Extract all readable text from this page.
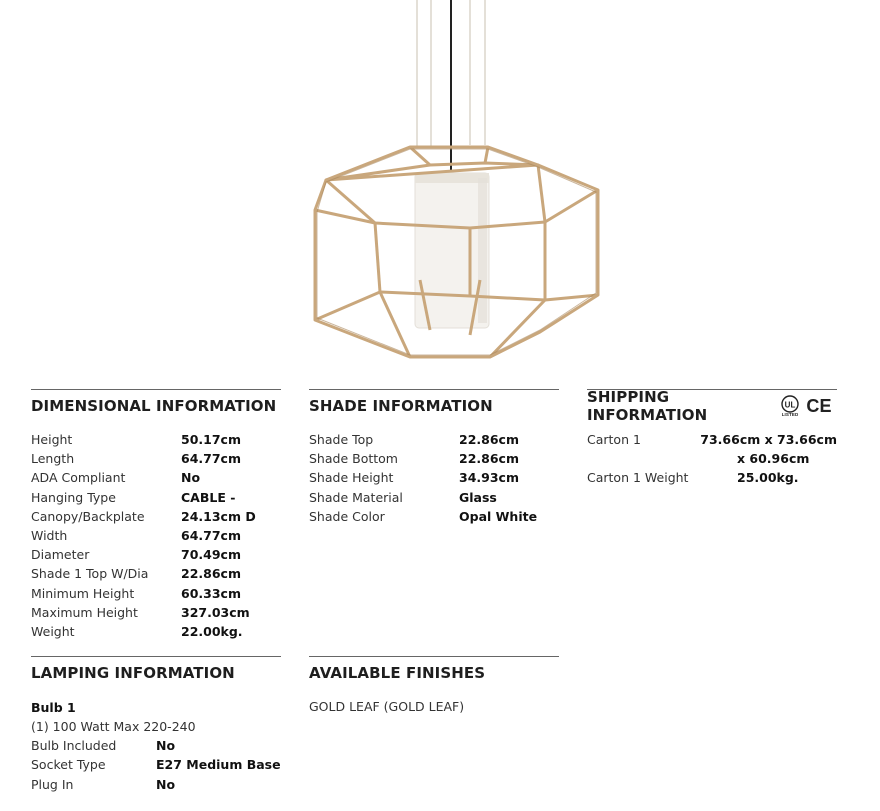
DIMENSIONAL INFORMATION
Height	50.17cm
Length	64.77cm
ADA Compliant	No
Hanging Type	CABLE -
Canopy/Backplate	24.13cm D
Width	64.77cm
Diameter	70.49cm
Shade 1 Top W/Dia	22.86cm
Minimum Height	60.33cm
Maximum Height	327.03cm
Weight	22.00kg.
SHADE INFORMATION
Shade Top	22.86cm
Shade Bottom	22.86cm
Shade Height	34.93cm
Shade Material	Glass
Shade Color	Opal White
SHIPPING INFORMATION
UL
LISTED CE
Carton 1	73.66cm x 73.66cm
x 60.96cm
Carton 1 Weight	25.00kg.
LAMPING INFORMATION
Bulb 1
(1) 100 Watt Max 220-240
Bulb Included	No
Socket Type	E27 Medium Base
Plug In	No
AVAILABLE FINISHES
GOLD LEAF (GOLD LEAF)
